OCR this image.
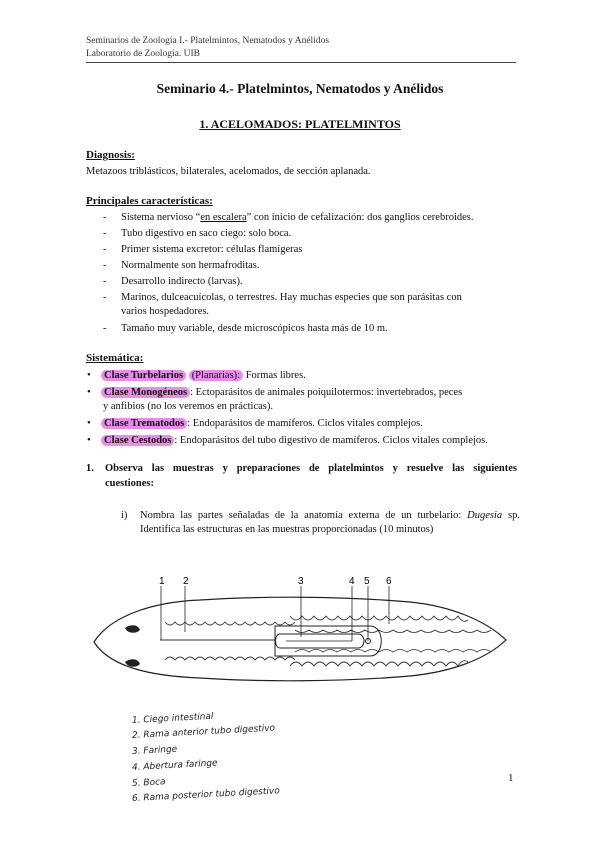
Seminarios de Zoología I.- Platelmintos, Nematodos y Anélidos
Laboratorio de Zoología. UIB
Seminario 4.- Platelmintos, Nematodos y Anélidos
1. ACELOMADOS: PLATELMINTOS
Diagnosis:
Metazoos triblásticos, bilaterales, acelomados, de sección aplanada.
Principales características:
- Sistema nervioso “en escalera” con inicio de cefalización: dos ganglios cerebroides.
- Tubo digestivo en saco ciego: solo boca.
- Primer sistema excretor: células flamígeras
- Normalmente son hermafroditas.
- Desarrollo indirecto (larvas).
- Marinos, dulceacuícolas, o terrestres. Hay muchas especies que son parásitas con
varios hospedadores.
- Tamaño muy variable, desde microscópicos hasta más de 10 m.
Sistemática:
• Clase Turbelarios (Planarias): Formas libres.
• Clase Monogéneos : Ectoparásitos de animales poiquilotermos: invertebrados, peces
y anfibios (no los veremos en prácticas).
• Clase Trematodos : Endoparásitos de mamíferos. Ciclos vitales complejos.
• Clase Cestodos : Endoparásitos del tubo digestivo de mamíferos. Ciclos vitales complejos.
1. Observa las muestras y preparaciones de platelmintos y resuelve las siguientes
cuestiones:
i) Nombra las partes señaladas de la anatomía externa de un turbelario: Dugesia sp.
Identifica las estructuras en las muestras proporcionadas (10 minutos)
1 2	3	4 5 6
1. Ciego intestinal
2. Rama anterior tubo digestivo
3. Faringe
4. Abertura faringe
5. Boca
6. Rama posterior tubo digestivo
1
